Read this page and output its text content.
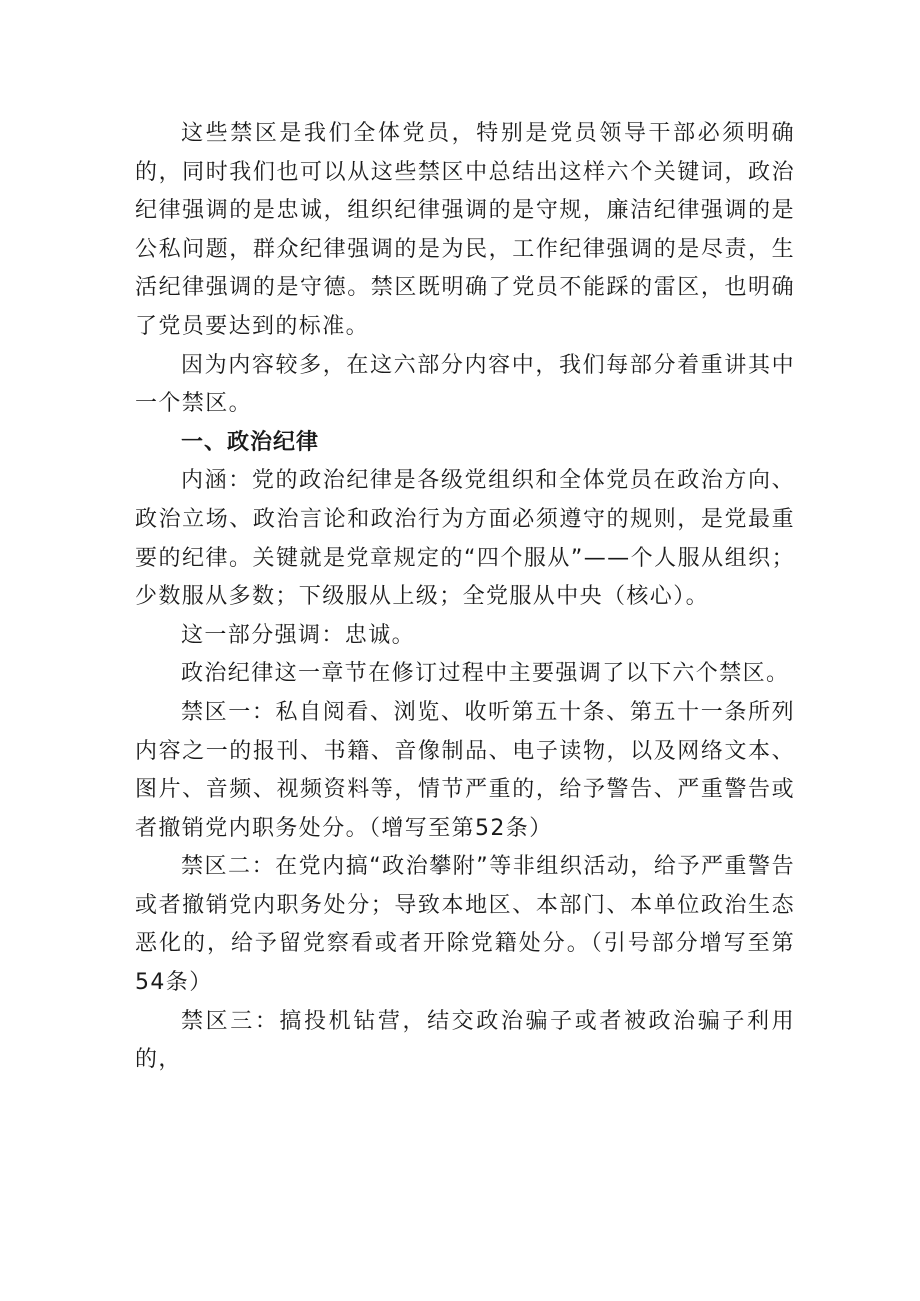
这些禁区是我们全体党员，特别是党员领导干部必须明确的，同时我们也可以从这些禁区中总结出这样六个关键词，政治纪律强调的是忠诚，组织纪律强调的是守规，廉洁纪律强调的是公私问题，群众纪律强调的是为民，工作纪律强调的是尽责，生活纪律强调的是守德。禁区既明确了党员不能踩的雷区，也明确了党员要达到的标准。

因为内容较多，在这六部分内容中，我们每部分着重讲其中一个禁区。

一、政治纪律

内涵：党的政治纪律是各级党组织和全体党员在政治方向、政治立场、政治言论和政治行为方面必须遵守的规则，是党最重要的纪律。关键就是党章规定的“四个服从”——个人服从组织；少数服从多数；下级服从上级；全党服从中央（核心）。

这一部分强调：忠诚。

政治纪律这一章节在修订过程中主要强调了以下六个禁区。

禁区一：私自阅看、浏览、收听第五十条、第五十一条所列内容之一的报刊、书籍、音像制品、电子读物，以及网络文本、图片、音频、视频资料等，情节严重的，给予警告、严重警告或者撤销党内职务处分。（增写至第52条）

禁区二：在党内搞“政治攀附”等非组织活动，给予严重警告或者撤销党内职务处分；导致本地区、本部门、本单位政治生态恶化的，给予留党察看或者开除党籍处分。（引号部分增写至第54条）

禁区三：搞投机钻营，结交政治骗子或者被政治骗子利用的，
